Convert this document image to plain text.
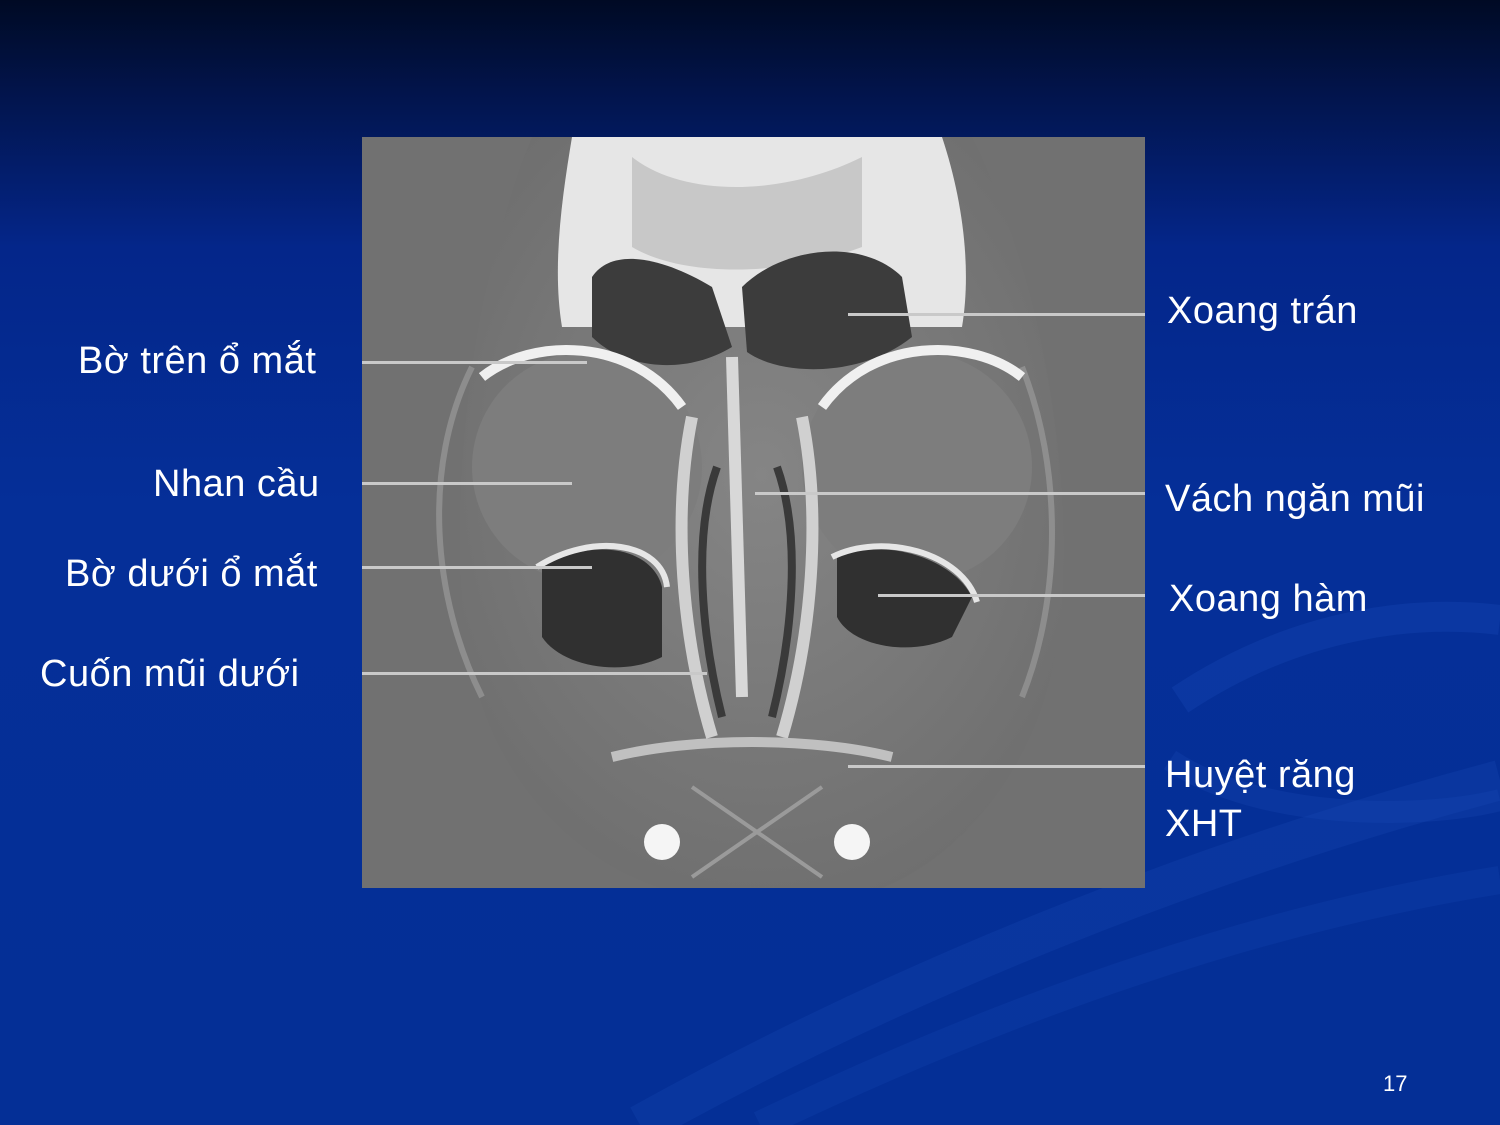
Bờ trên ổ mắt
Nhan cầu
Bờ dưới ổ mắt
Cuốn mũi dưới
Xoang trán
Vách ngăn mũi
Xoang hàm
Huyệt răng
XHT
17
